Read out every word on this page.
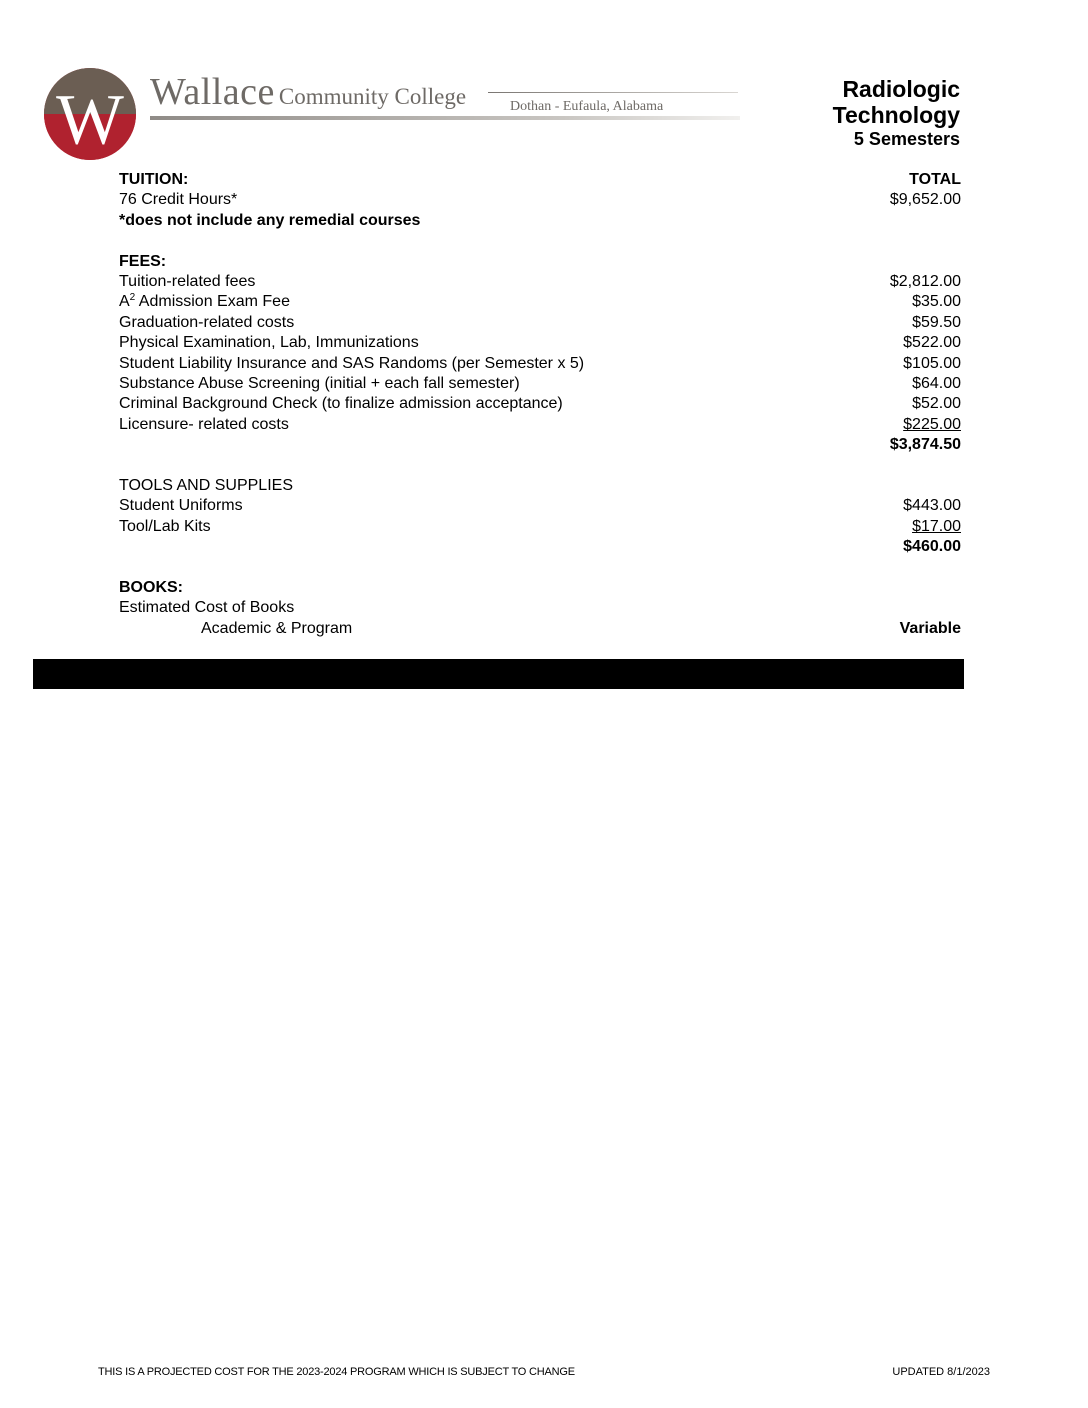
W Wallace Community College	Dothan - Eufaula, Alabama
Radiologic
Technology
5 Semesters
TUITION:	TOTAL
76 Credit Hours*	$9,652.00
*does not include any remedial courses
FEES:
Tuition-related fees	$2,812.00
$A^2$ Admission Exam Fee	$35.00
Graduation-related costs	$59.50
Physical Examination, Lab, Immunizations	$522.00
Student Liability Insurance and SAS Randoms (per Semester x 5)	$105.00
Substance Abuse Screening (initial + each fall semester)	$64.00
Criminal Background Check (to finalize admission acceptance)	$52.00
Licensure- related costs	$225.00
$3,874.50
TOOLS AND SUPPLIES
Student Uniforms	$443.00
Tool/Lab Kits	$17.00
$460.00
BOOKS:
Estimated Cost of Books
Academic & Program	Variable
THIS IS A PROJECTED COST FOR THE 2023-2024 PROGRAM WHICH IS SUBJECT TO CHANGE	UPDATED 8/1/2023
